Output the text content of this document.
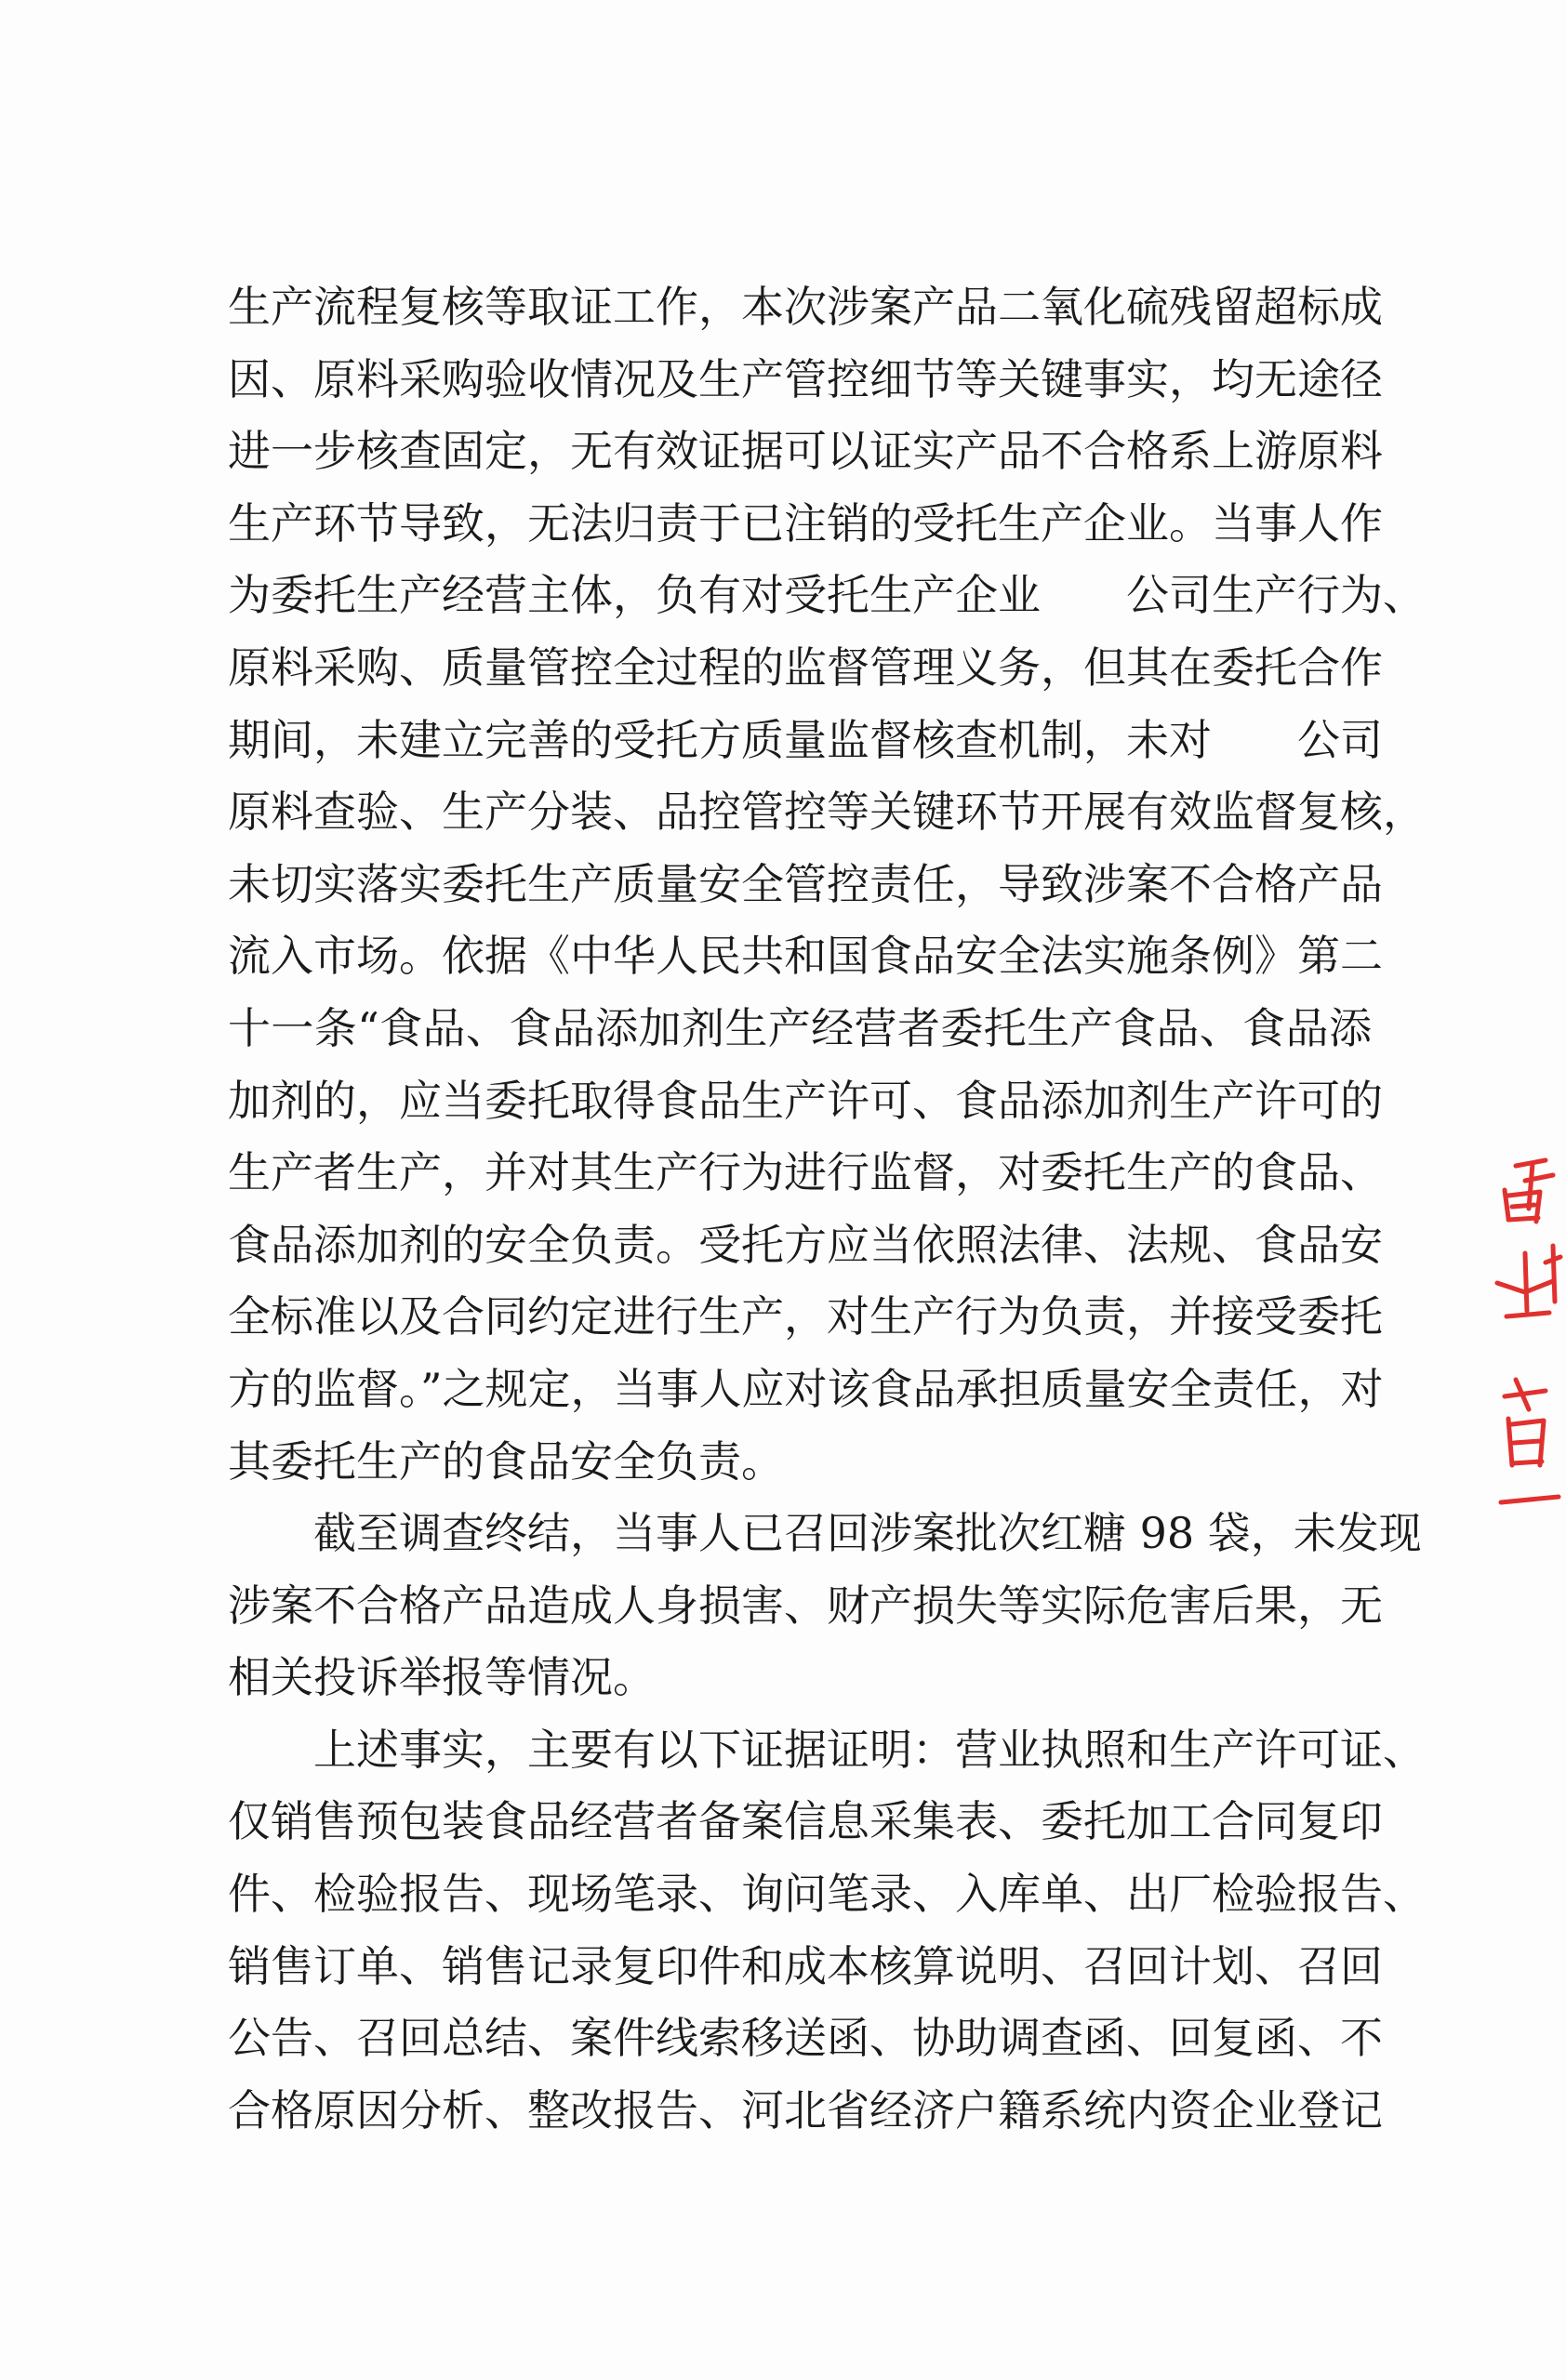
生产流程复核等取证工作，本次涉案产品二氧化硫残留超标成
因、原料采购验收情况及生产管控细节等关键事实，均无途径
进一步核查固定，无有效证据可以证实产品不合格系上游原料
生产环节导致，无法归责于已注销的受托生产企业。当事人作
为委托生产经营主体，负有对受托生产企业　　公司生产行为、
原料采购、质量管控全过程的监督管理义务，但其在委托合作
期间，未建立完善的受托方质量监督核查机制，未对　　公司
原料查验、生产分装、品控管控等关键环节开展有效监督复核，
未切实落实委托生产质量安全管控责任，导致涉案不合格产品
流入市场。依据《中华人民共和国食品安全法实施条例》第二
十一条“食品、食品添加剂生产经营者委托生产食品、食品添
加剂的，应当委托取得食品生产许可、食品添加剂生产许可的
生产者生产，并对其生产行为进行监督，对委托生产的食品、
食品添加剂的安全负责。受托方应当依照法律、法规、食品安
全标准以及合同约定进行生产，对生产行为负责，并接受委托
方的监督。”之规定，当事人应对该食品承担质量安全责任，对
其委托生产的食品安全负责。
截至调查终结，当事人已召回涉案批次红糖 98 袋，未发现
涉案不合格产品造成人身损害、财产损失等实际危害后果，无
相关投诉举报等情况。
上述事实，主要有以下证据证明：营业执照和生产许可证、
仅销售预包装食品经营者备案信息采集表、委托加工合同复印
件、检验报告、现场笔录、询问笔录、入库单、出厂检验报告、
销售订单、销售记录复印件和成本核算说明、召回计划、召回
公告、召回总结、案件线索移送函、协助调查函、回复函、不
合格原因分析、整改报告、河北省经济户籍系统内资企业登记
